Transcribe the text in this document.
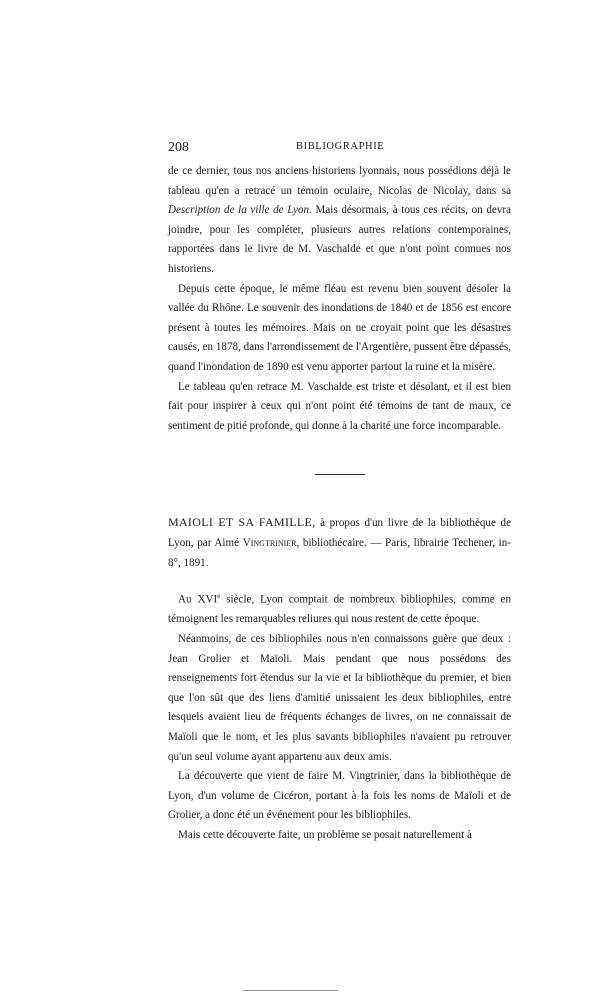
208	BIBLIOGRAPHIE

de ce dernier, tous nos anciens historiens lyonnais, nous possédions déjà le tableau qu'en a retracé un témoin oculaire, Nicolas de Nicolay, dans sa Description de la ville de Lyon. Mais désormais, à tous ces récits, on devra joindre, pour les compléter, plusieurs autres relations contemporaines, rapportées dans le livre de M. Vaschalde et que n'ont point connues nos historiens.

Depuis cette époque, le même fléau est revenu bien souvent désoler la vallée du Rhône. Le souvenir des inondations de 1840 et de 1856 est encore présent à toutes les mémoires. Mais on ne croyait point que les désastres causés, en 1878, dans l'arrondissement de l'Argentière, pussent être dépassés, quand l'inondation de 1890 est venu apporter partout la ruine et la misère.

Le tableau qu'en retrace M. Vaschalde est triste et désolant, et il est bien fait pour inspirer à ceux qui n'ont point été témoins de tant de maux, ce sentiment de pitié profonde, qui donne à la charité une force incomparable.

MAIOLI ET SA FAMILLE, à propos d'un livre de la bibliothèque de Lyon, par Aimé Vingtrinier, bibliothécaire. — Paris, librairie Techener, in-8°, 1891.

Au XVIe siècle, Lyon comptait de nombreux bibliophiles, comme en témoignent les remarquables reliures qui nous restent de cette époque.

Néanmoins, de ces bibliophiles nous n'en connaissons guère que deux : Jean Grolier et Maïoli. Mais pendant que nous possédons des renseignements fort étendus sur la vie et la bibliothèque du premier, et bien que l'on sût que des liens d'amitié unissaient les deux bibliophiles, entre lesquels avaient lieu de fréquents échanges de livres, on ne connaissait de Maïoli que le nom, et les plus savants bibliophiles n'avaient pu retrouver qu'un seul volume ayant appartenu aux deux amis.

La découverte que vient de faire M. Vingtrinier, dans la bibliothèque de Lyon, d'un volume de Cicéron, portant à la fois les noms de Maïoli et de Grolier, a donc été un événement pour les bibliophiles.

Mais cette découverte faite, un problème se posait naturellement à
